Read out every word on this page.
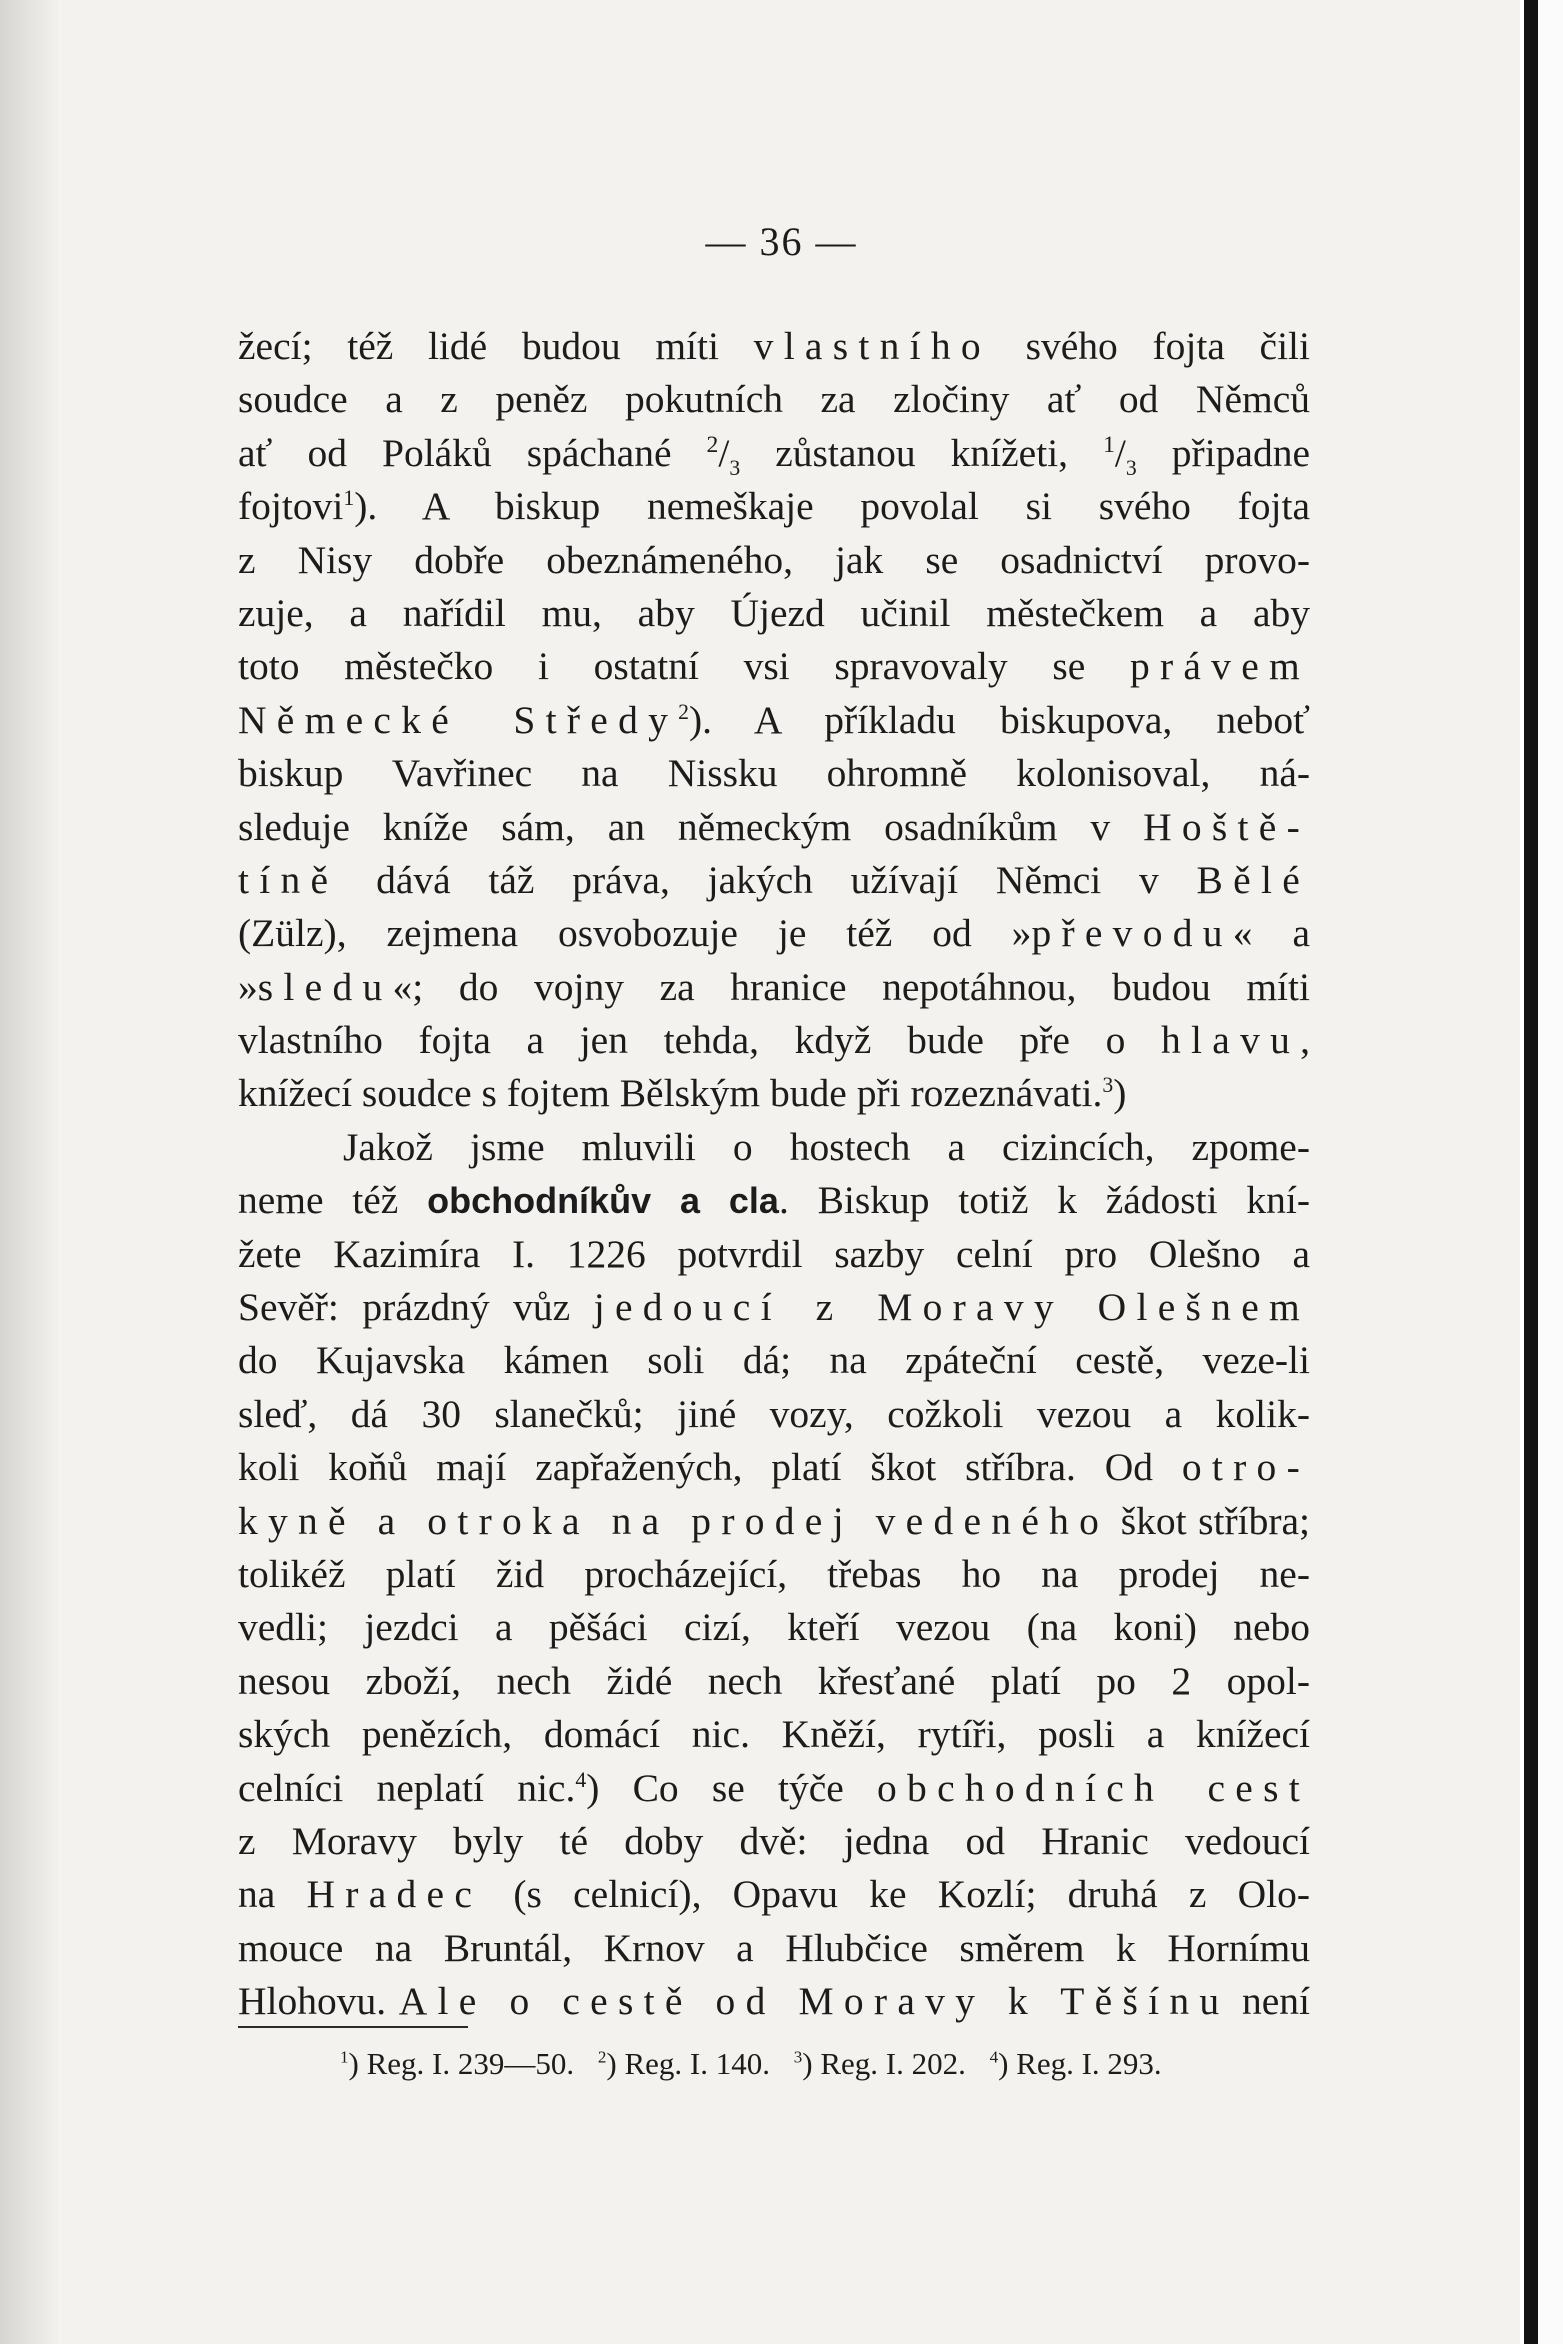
— 36 —
žecí; též lidé budou míti vlastního svého fojta čili
soudce a z peněz pokutních za zločiny ať od Němců
ať od Poláků spáchané $^2/_3$ zůstanou knížeti, $^1/_3$ připadne
fojtovi$^1$). A biskup nemeškaje povolal si svého fojta
z Nisy dobře obeznámeného, jak se osadnictví provo-
zuje, a nařídil mu, aby Újezd učinil městečkem a aby
toto městečko i ostatní vsi spravovaly se právem
Německé Středy$^2$). A příkladu biskupova, neboť
biskup Vavřinec na Nissku ohromně kolonisoval, ná-
sleduje kníže sám, an německým osadníkům v Hoště-
tíně dává táž práva, jakých užívají Němci v Bělé
(Zülz), zejmena osvobozuje je též od »převodu« a
»sledu«; do vojny za hranice nepotáhnou, budou míti
vlastního fojta a jen tehda, když bude pře o hlavu,
knížecí soudce s fojtem Bělským bude při rozeznávati.$^3$)
Jakož jsme mluvili o hostech a cizincích, zpome-
neme též obchodníkův a cla. Biskup totiž k žádosti kní-
žete Kazimíra I. 1226 potvrdil sazby celní pro Olešno a
Sevěř: prázdný vůz jedoucí z Moravy Olešnem
do Kujavska kámen soli dá; na zpáteční cestě, veze-li
sleď, dá 30 slanečků; jiné vozy, cožkoli vezou a kolik-
koli koňů mají zapřažených, platí škot stříbra. Od otro-
kyně a otroka na prodej vedeného škot stříbra;
tolikéž platí žid procházející, třebas ho na prodej ne-
vedli; jezdci a pěšáci cizí, kteří vezou (na koni) nebo
nesou zboží, nech židé nech křesťané platí po 2 opol-
ských penězích, domácí nic. Kněží, rytíři, posli a knížecí
celníci neplatí nic.$^4$) Co se týče obchodních cest
z Moravy byly té doby dvě: jedna od Hranic vedoucí
na Hradec (s celnicí), Opavu ke Kozlí; druhá z Olo-
mouce na Bruntál, Krnov a Hlubčice směrem k Hornímu
Hlohovu. Ale o cestě od Moravy k Těšínu není
$^1$) Reg. I. 239—50. $^2$) Reg. I. 140. $^3$) Reg. I. 202. $^4$) Reg. I. 293.
